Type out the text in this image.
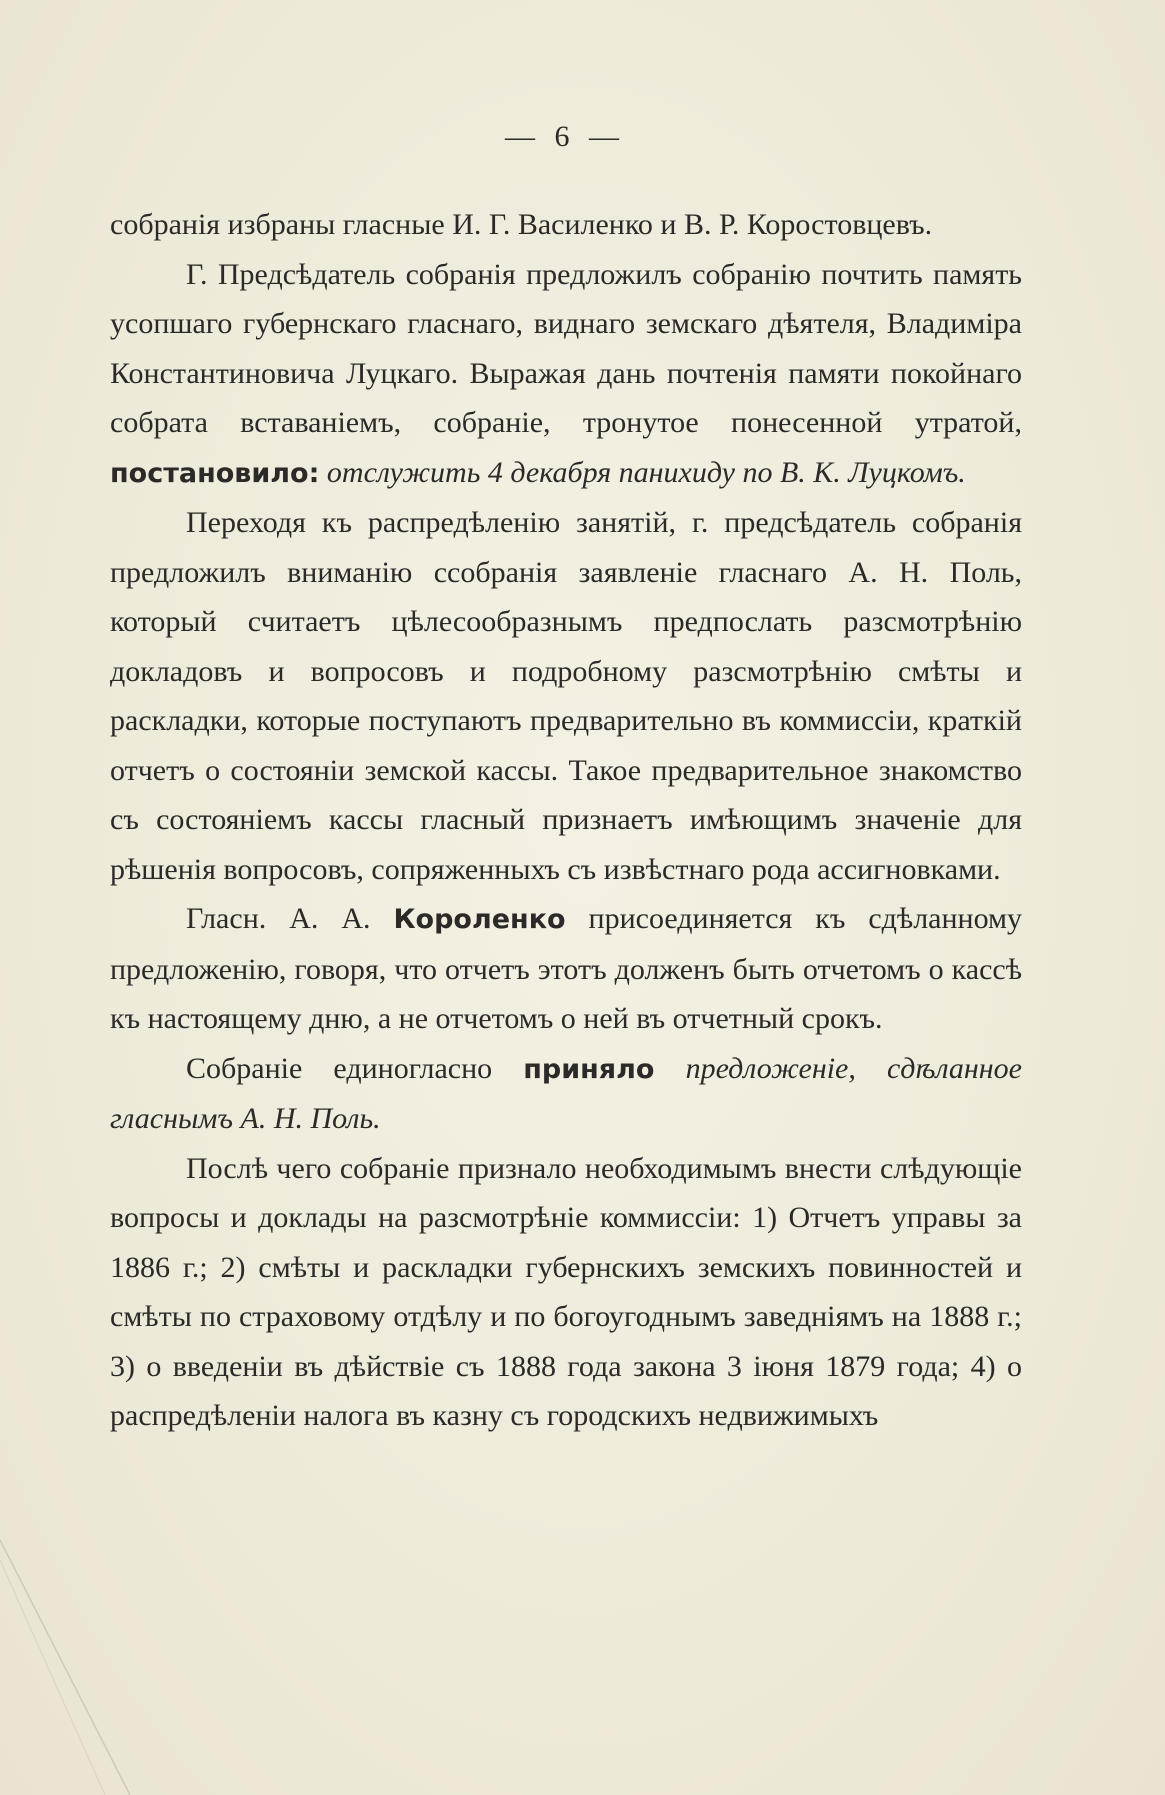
— 6 —

собранія избраны гласные И. Г. Василенко и В. Р. Коростовцевъ.

Г. Предсѣдатель собранія предложилъ собранію почтить память усопшаго губернскаго гласнаго, виднаго земскаго дѣятеля, Владиміра Константиновича Луцкаго. Выражая дань почтенія памяти покойнаго собрата вставаніемъ, собраніе, тронутое понесенной утратой, постановило: отслужить 4 декабря панихиду по В. К. Луцкомъ.

Переходя къ распредѣленію занятій, г. предсѣдатель собранія предложилъ вниманію ссобранія заявленіе гласнаго А. Н. Поль, который считаетъ цѣлесообразнымъ предпослать разсмотрѣнію докладовъ и вопросовъ и подробному разсмотрѣнію смѣты и раскладки, которые поступаютъ предварительно въ коммиссіи, краткій отчетъ о состояніи земской кассы. Такое предварительное знакомство съ состояніемъ кассы гласный признаетъ имѣющимъ значеніе для рѣшенія вопросовъ, сопряженныхъ съ извѣстнаго рода ассигновками.

Гласн. А. А. Короленко присоединяется къ сдѣланному предложенію, говоря, что отчетъ этотъ долженъ быть отчетомъ о кассѣ къ настоящему дню, а не отчетомъ о ней въ отчетный срокъ.

Собраніе единогласно приняло предложеніе, сдѣланное гласнымъ А. Н. Поль.

Послѣ чего собраніе признало необходимымъ внести слѣдующіе вопросы и доклады на разсмотрѣніе коммиссіи: 1) Отчетъ управы за 1886 г.; 2) смѣты и раскладки губернскихъ земскихъ повинностей и смѣты по страховому отдѣлу и по богоугоднымъ заведніямъ на 1888 г.; 3) о введеніи въ дѣйствіе съ 1888 года закона 3 іюня 1879 года; 4) о распредѣленіи налога въ казну съ городскихъ недвижимыхъ
